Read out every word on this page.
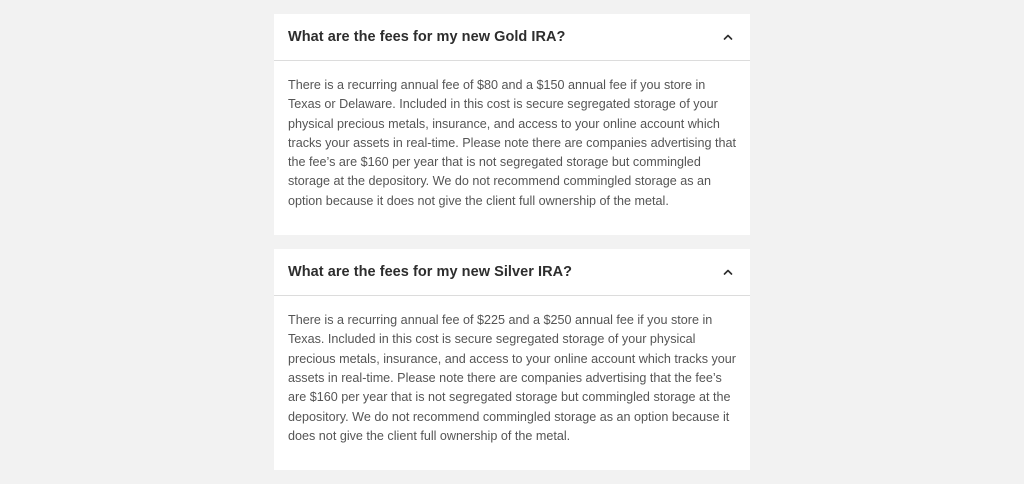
What are the fees for my new Gold IRA?

There is a recurring annual fee of $80 and a $150 annual fee if you store in Texas or Delaware. Included in this cost is secure segregated storage of your physical precious metals, insurance, and access to your online account which tracks your assets in real-time. Please note there are companies advertising that the fee’s are $160 per year that is not segregated storage but commingled storage at the depository. We do not recommend commingled storage as an option because it does not give the client full ownership of the metal.

What are the fees for my new Silver IRA?

There is a recurring annual fee of $225 and a $250 annual fee if you store in Texas. Included in this cost is secure segregated storage of your physical precious metals, insurance, and access to your online account which tracks your assets in real-time. Please note there are companies advertising that the fee’s are $160 per year that is not segregated storage but commingled storage at the depository. We do not recommend commingled storage as an option because it does not give the client full ownership of the metal.
